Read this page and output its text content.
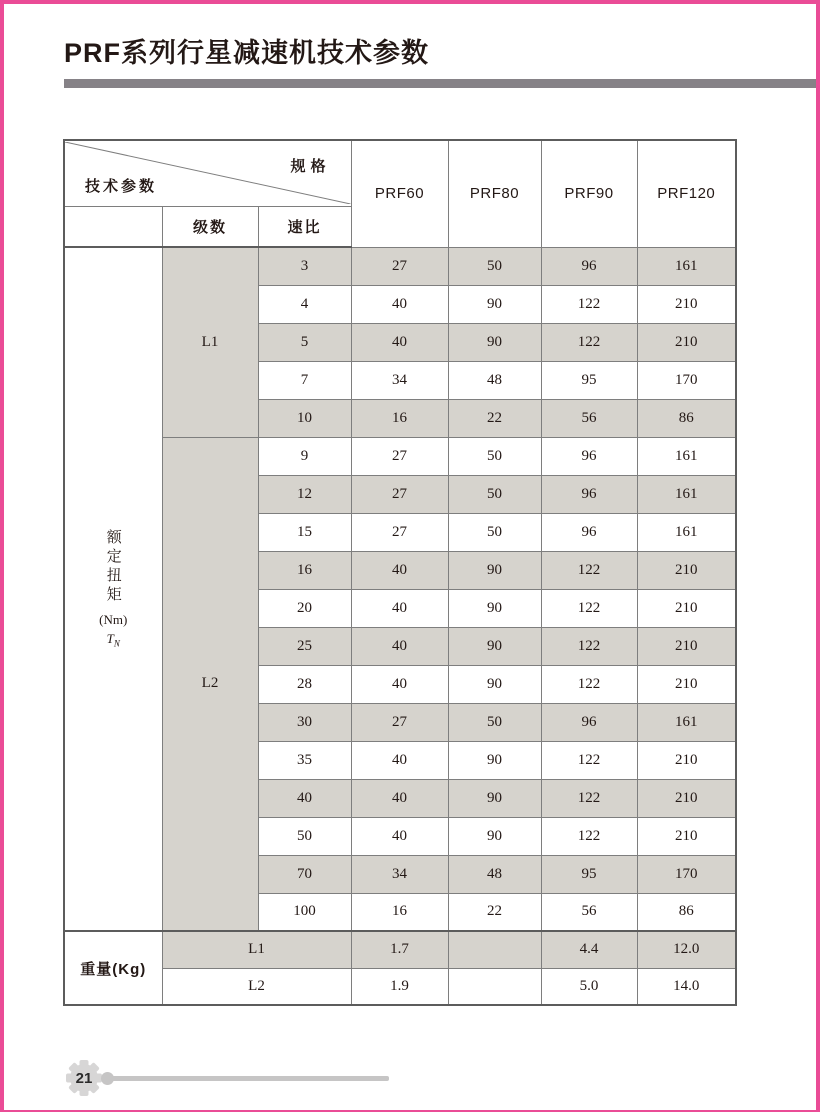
PRF系列行星减速机技术参数
规格
技术参数			PRF60	PRF80	PRF90	PRF120
	级数	速比				

额定扭矩
(Nm)
$T_N$	L1	3	27	50	96	161
		4	40	90	122	210
		5	40	90	122	210
		7	34	48	95	170
		10	16	22	56	86
	L2	9	27	50	96	161
		12	27	50	96	161
		15	27	50	96	161
		16	40	90	122	210
		20	40	90	122	210
		25	40	90	122	210
		28	40	90	122	210
		30	27	50	96	161
		35	40	90	122	210
		40	40	90	122	210
		50	40	90	122	210
		70	34	48	95	170
		100	16	22	56	86
重量(Kg)	L1		1.7		4.4	12.0
	L2		1.9		5.0	14.0
21
